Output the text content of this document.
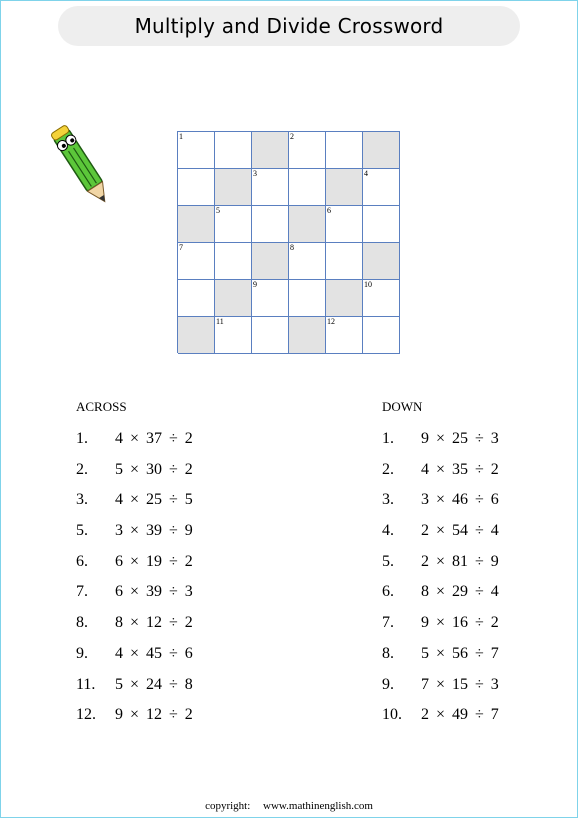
Multiply and Divide Crossword
1	2
3	4
5	6
7	8
9	10
11	12
ACROSS	DOWN
1. 4 × 37 ÷ 2
2. 5 × 30 ÷ 2
3. 4 × 25 ÷ 5
5. 3 × 39 ÷ 9
6. 6 × 19 ÷ 2
7. 6 × 39 ÷ 3
8. 8 × 12 ÷ 2
9. 4 × 45 ÷ 6
11. 5 × 24 ÷ 8
12. 9 × 12 ÷ 2
1. 9 × 25 ÷ 3
2. 4 × 35 ÷ 2
3. 3 × 46 ÷ 6
4. 2 × 54 ÷ 4
5. 2 × 81 ÷ 9
6. 8 × 29 ÷ 4
7. 9 × 16 ÷ 2
8. 5 × 56 ÷ 7
9. 7 × 15 ÷ 3
10. 2 × 49 ÷ 7
copyright: www.mathinenglish.com
